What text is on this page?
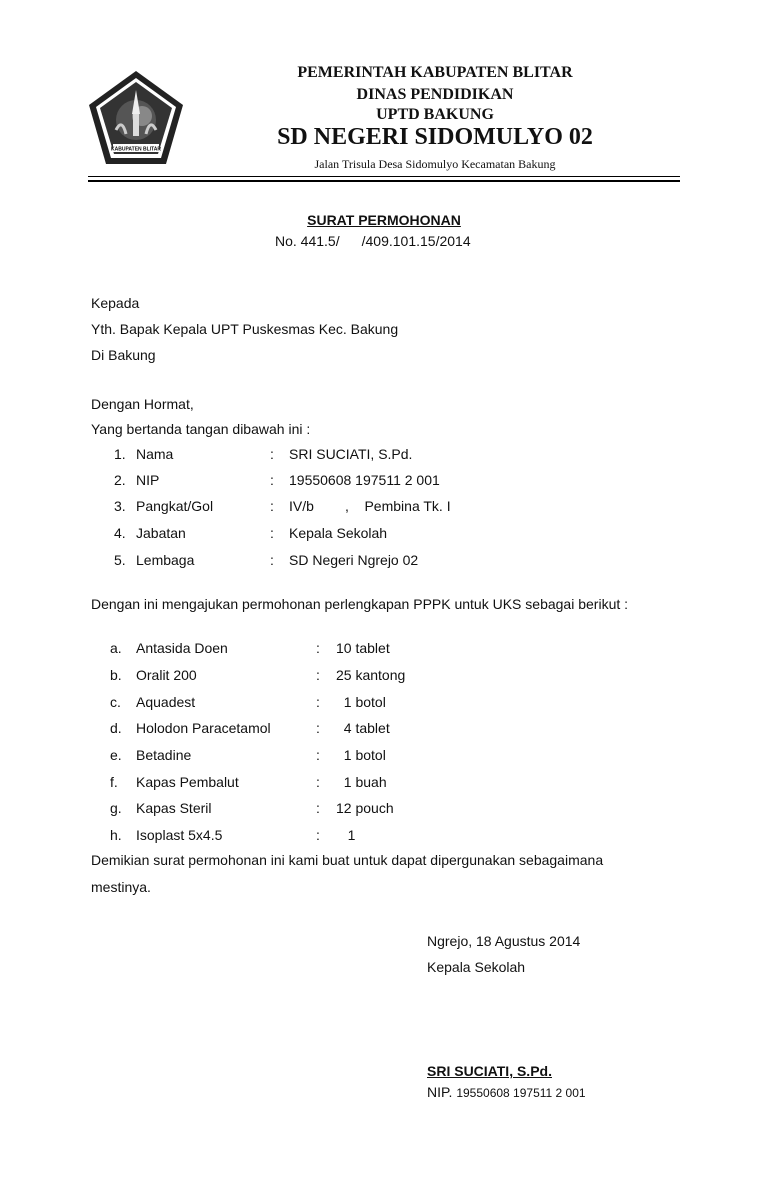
KABUPATEN BLITAR
PEMERINTAH KABUPATEN BLITAR
DINAS PENDIDIKAN
UPTD BAKUNG
SD NEGERI SIDOMULYO 02
Jalan Trisula Desa Sidomulyo Kecamatan Bakung
SURAT PERMOHONAN
No. 441.5/ /409.101.15/2014
Kepada
Yth. Bapak Kepala UPT Puskesmas Kec. Bakung
Di Bakung
Dengan Hormat,
Yang bertanda tangan dibawah ini :
1. Nama	: SRI SUCIATI, S.Pd.
2. NIP	: 19550608 197511 2 001
3. Pangkat/Gol	: IV/b        ,    Pembina Tk. I
4. Jabatan	: Kepala Sekolah
5. Lembaga	: SD Negeri Ngrejo 02
Dengan ini mengajukan permohonan perlengkapan PPPK untuk UKS sebagai berikut :
a. Antasida Doen	: 10 tablet
b. Oralit 200	: 25 kantong
c. Aquadest	: 1 botol
d. Holodon Paracetamol	: 4 tablet
e. Betadine	: 1 botol
f. Kapas Pembalut	: 1 buah
g. Kapas Steril	: 12 pouch
h. Isoplast 5x4.5	: 1
Demikian surat permohonan ini kami buat untuk dapat dipergunakan sebagaimana
mestinya.
Ngrejo, 18 Agustus 2014
Kepala Sekolah
SRI SUCIATI, S.Pd.
NIP. 19550608 197511 2 001
